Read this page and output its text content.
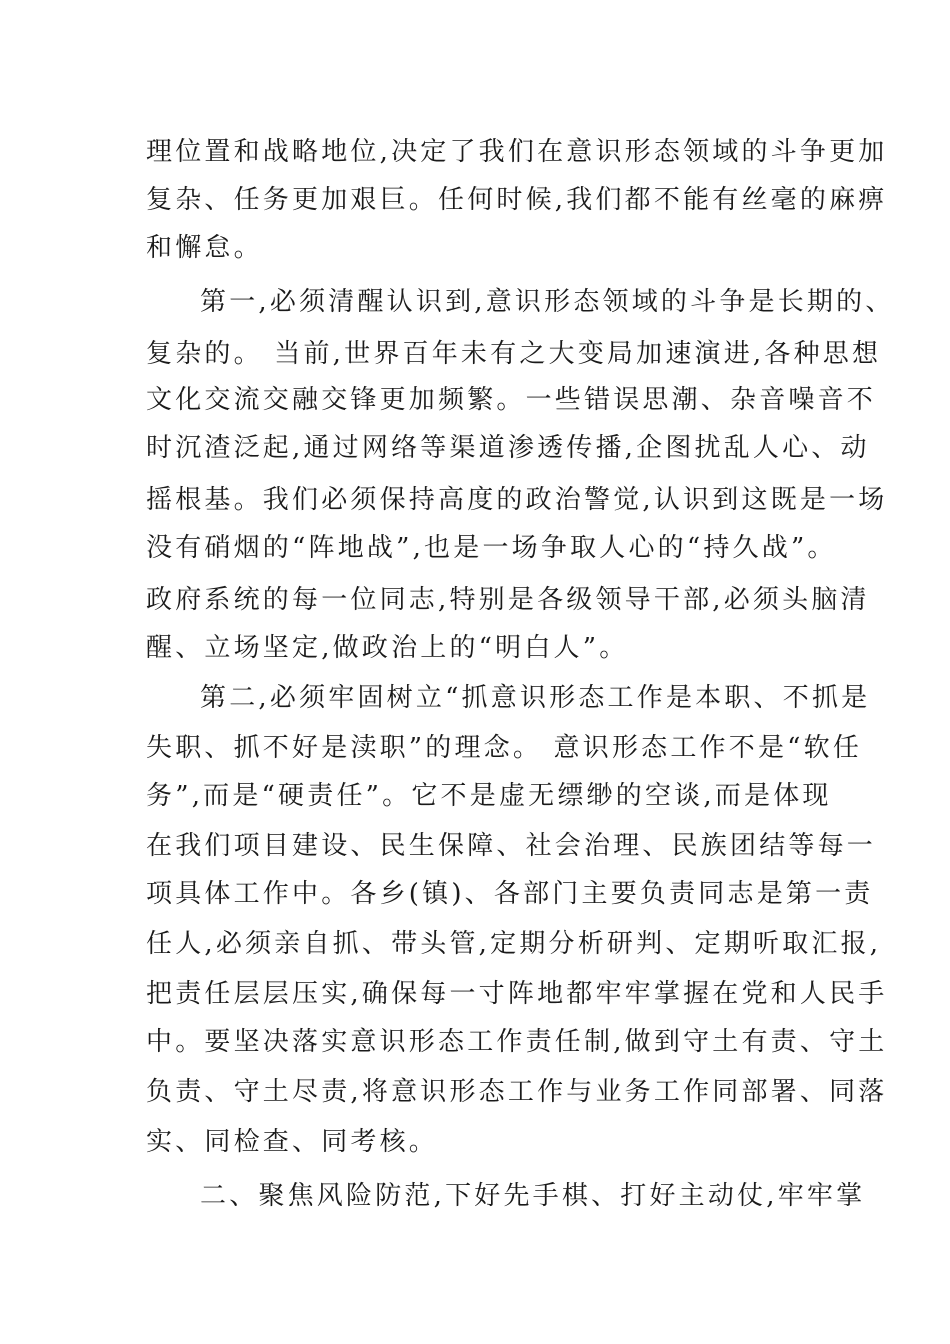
理位置和战略地位,决定了我们在意识形态领域的斗争更加
复杂、任务更加艰巨。任何时候,我们都不能有丝毫的麻痹
和懈怠。
第一,必须清醒认识到,意识形态领域的斗争是长期的、
复杂的。 当前,世界百年未有之大变局加速演进,各种思想
文化交流交融交锋更加频繁。一些错误思潮、杂音噪音不
时沉渣泛起,通过网络等渠道渗透传播,企图扰乱人心、动
摇根基。我们必须保持高度的政治警觉,认识到这既是一场
没有硝烟的“阵地战”,也是一场争取人心的“持久战”。
政府系统的每一位同志,特别是各级领导干部,必须头脑清
醒、立场坚定,做政治上的“明白人”。
第二,必须牢固树立“抓意识形态工作是本职、不抓是
失职、抓不好是渎职”的理念。 意识形态工作不是“软任
务”,而是“硬责任”。它不是虚无缥缈的空谈,而是体现
在我们项目建设、民生保障、社会治理、民族团结等每一
项具体工作中。各乡(镇)、各部门主要负责同志是第一责
任人,必须亲自抓、带头管,定期分析研判、定期听取汇报,
把责任层层压实,确保每一寸阵地都牢牢掌握在党和人民手
中。要坚决落实意识形态工作责任制,做到守土有责、守土
负责、守土尽责,将意识形态工作与业务工作同部署、同落
实、同检查、同考核。
二、聚焦风险防范,下好先手棋、打好主动仗,牢牢掌
